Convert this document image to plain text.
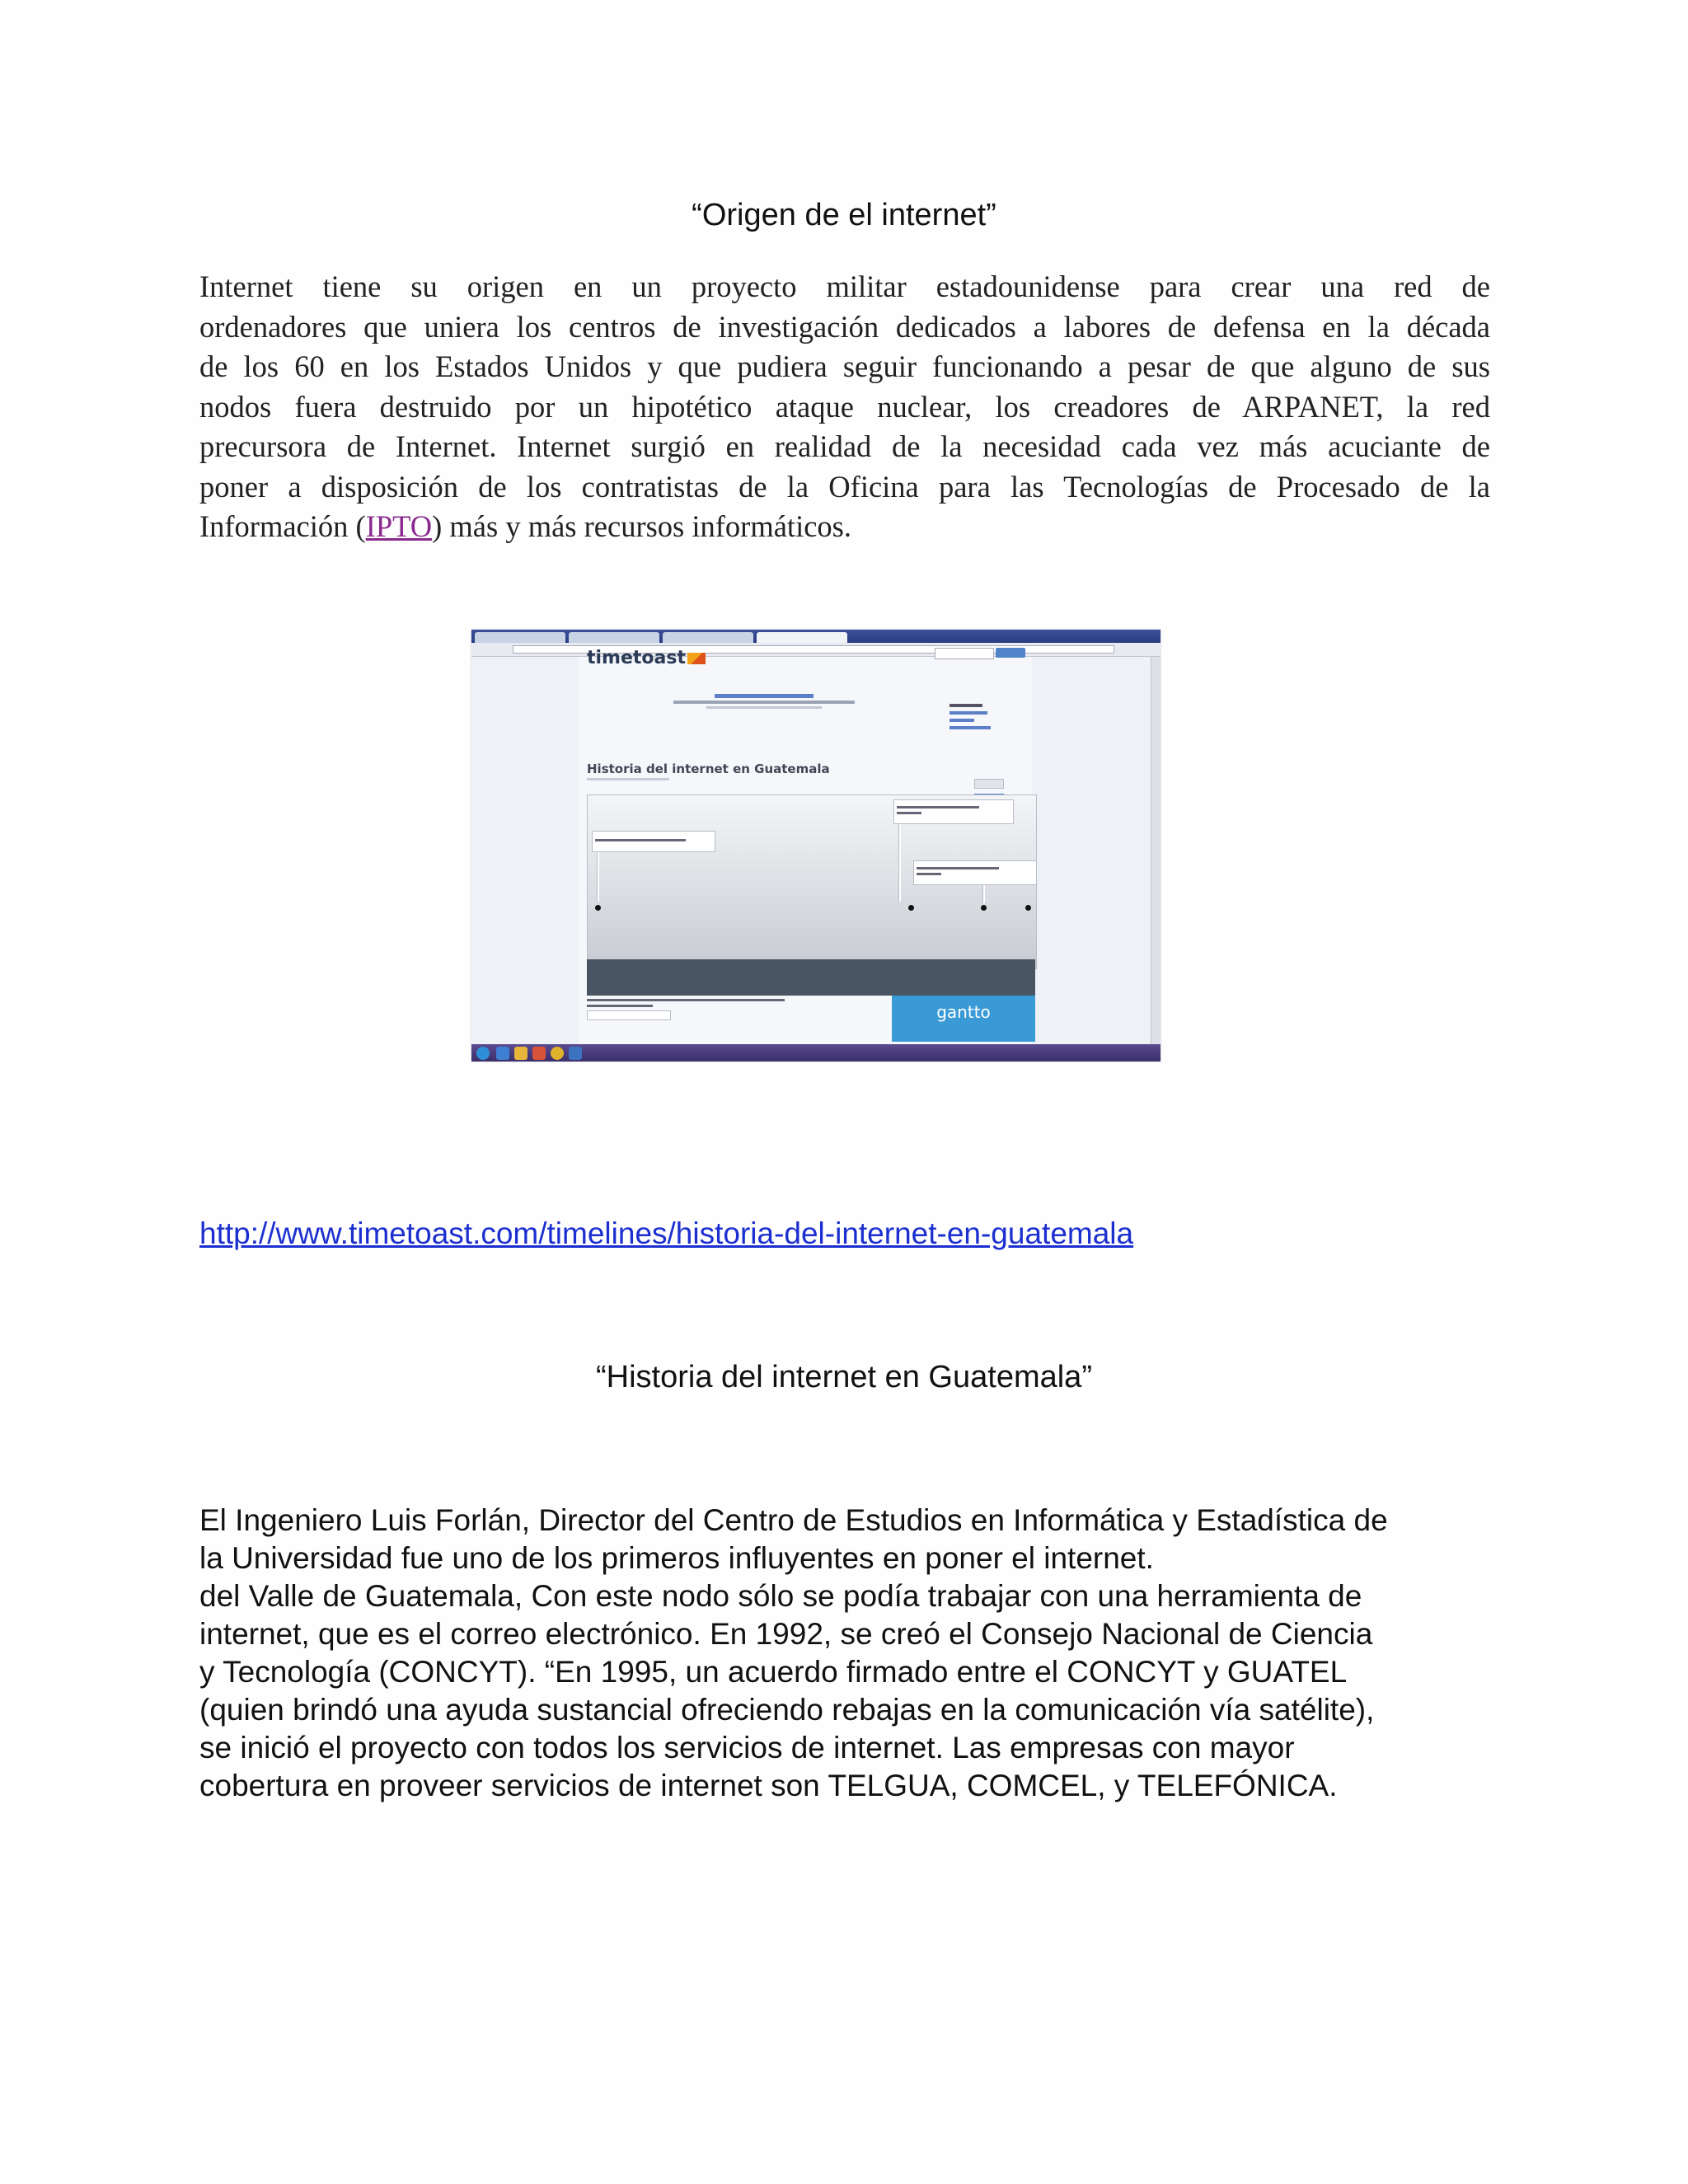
“Origen de el internet”
Internet tiene su origen en un proyecto militar estadounidense para crear una red de
ordenadores que uniera los centros de investigación dedicados a labores de defensa en la década
de los 60 en los Estados Unidos y que pudiera seguir funcionando a pesar de que alguno de sus
nodos fuera destruido por un hipotético ataque nuclear, los creadores de ARPANET, la red
precursora de Internet. Internet surgió en realidad de la necesidad cada vez más acuciante de
poner a disposición de los contratistas de la Oficina para las Tecnologías de Procesado de la
Información (IPTO) más y más recursos informáticos.
timetoast
Historia del internet en Guatemala
gantto
http://www.timetoast.com/timelines/historia-del-internet-en-guatemala
“Historia del internet en Guatemala”
El Ingeniero Luis Forlán, Director del Centro de Estudios en Informática y Estadística de
la Universidad fue uno de los primeros influyentes en poner el internet.
del Valle de Guatemala, Con este nodo sólo se podía trabajar con una herramienta de
internet, que es el correo electrónico. En 1992, se creó el Consejo Nacional de Ciencia
y Tecnología (CONCYT). “En 1995, un acuerdo firmado entre el CONCYT y GUATEL
(quien brindó una ayuda sustancial ofreciendo rebajas en la comunicación vía satélite),
se inició el proyecto con todos los servicios de internet. Las empresas con mayor
cobertura en proveer servicios de internet son TELGUA, COMCEL, y TELEFÓNICA.
